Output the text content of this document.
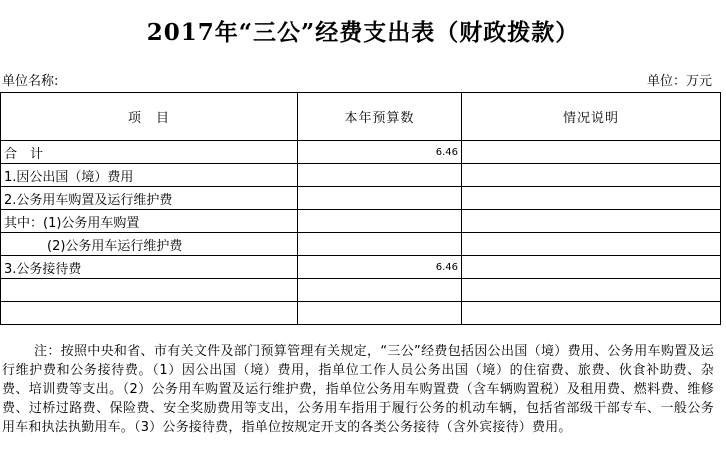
2017年“三公”经费支出表（财政拨款）
单位名称:	单位：万元
项　目	本年预算数	情况说明
合　计	6.46	
1.因公出国（境）费用		
2.公务用车购置及运行维护费		
其中：(1)公务用车购置		
(2)公务用车运行维护费		
3.公务接待费	6.46	

注：按照中央和省、市有关文件及部门预算管理有关规定，“三公”经费包括因公出国（境）费用、公务用车购置及运行维护费和公务接待费。（1）因公出国（境）费用，指单位工作人员公务出国（境）的住宿费、旅费、伙食补助费、杂费、培训费等支出。（2）公务用车购置及运行维护费，指单位公务用车购置费（含车辆购置税）及租用费、燃料费、维修费、过桥过路费、保险费、安全奖励费用等支出，公务用车指用于履行公务的机动车辆，包括省部级干部专车、一般公务用车和执法执勤用车。（3）公务接待费，指单位按规定开支的各类公务接待（含外宾接待）费用。
